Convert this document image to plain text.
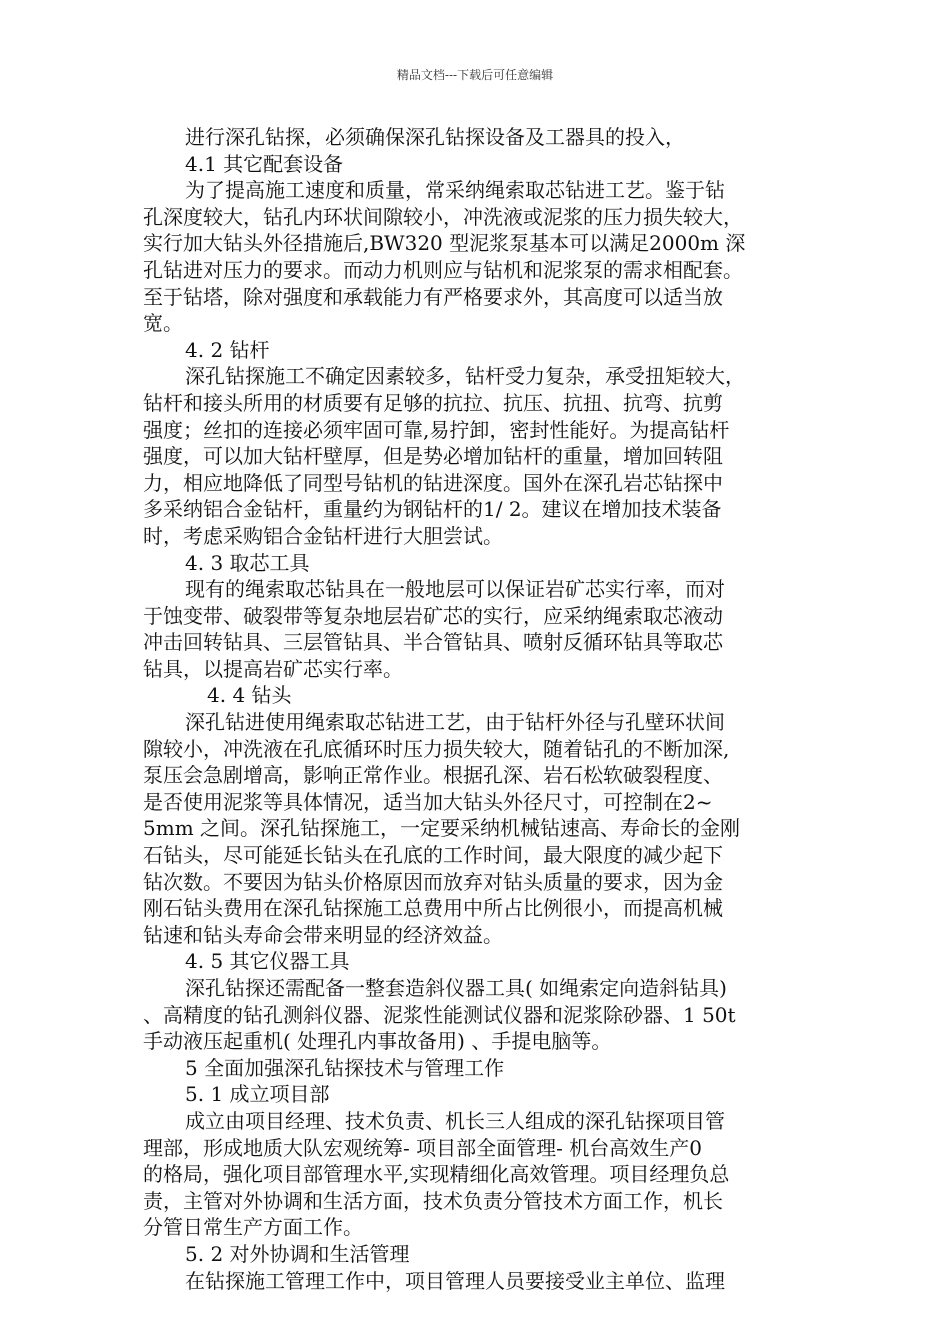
精品文档---下载后可任意编辑
进行深孔钻探，必须确保深孔钻探设备及工器具的投入，
4.1 其它配套设备
为了提高施工速度和质量，常采纳绳索取芯钻进工艺。鉴于钻
孔深度较大，钻孔内环状间隙较小，冲洗液或泥浆的压力损失较大，
实行加大钻头外径措施后,BW320 型泥浆泵基本可以满足2000m 深
孔钻进对压力的要求。而动力机则应与钻机和泥浆泵的需求相配套。
至于钻塔，除对强度和承载能力有严格要求外，其高度可以适当放
宽。
4. 2 钻杆
深孔钻探施工不确定因素较多，钻杆受力复杂，承受扭矩较大，
钻杆和接头所用的材质要有足够的抗拉、抗压、抗扭、抗弯、抗剪
强度；丝扣的连接必须牢固可靠,易拧卸，密封性能好。为提高钻杆
强度，可以加大钻杆壁厚，但是势必增加钻杆的重量，增加回转阻
力，相应地降低了同型号钻机的钻进深度。国外在深孔岩芯钻探中
多采纳铝合金钻杆，重量约为钢钻杆的1/ 2。建议在增加技术装备
时，考虑采购铝合金钻杆进行大胆尝试。
4. 3 取芯工具
现有的绳索取芯钻具在一般地层可以保证岩矿芯实行率，而对
于蚀变带、破裂带等复杂地层岩矿芯的实行，应采纳绳索取芯液动
冲击回转钻具、三层管钻具、半合管钻具、喷射反循环钻具等取芯
钻具，以提高岩矿芯实行率。
4. 4 钻头
深孔钻进使用绳索取芯钻进工艺，由于钻杆外径与孔壁环状间
隙较小，冲洗液在孔底循环时压力损失较大，随着钻孔的不断加深,
泵压会急剧增高，影响正常作业。根据孔深、岩石松软破裂程度、
是否使用泥浆等具体情况，适当加大钻头外径尺寸，可控制在2~
5mm 之间。深孔钻探施工，一定要采纳机械钻速高、寿命长的金刚
石钻头，尽可能延长钻头在孔底的工作时间，最大限度的减少起下
钻次数。不要因为钻头价格原因而放弃对钻头质量的要求，因为金
刚石钻头费用在深孔钻探施工总费用中所占比例很小，而提高机械
钻速和钻头寿命会带来明显的经济效益。
4. 5 其它仪器工具
深孔钻探还需配备一整套造斜仪器工具( 如绳索定向造斜钻具)
、高精度的钻孔测斜仪器、泥浆性能测试仪器和泥浆除砂器、1 50t
手动液压起重机( 处理孔内事故备用) 、手提电脑等。
5 全面加强深孔钻探技术与管理工作
5. 1 成立项目部
成立由项目经理、技术负责、机长三人组成的深孔钻探项目管
理部，形成地质大队宏观统筹- 项目部全面管理- 机台高效生产0
的格局，强化项目部管理水平,实现精细化高效管理。项目经理负总
责，主管对外协调和生活方面，技术负责分管技术方面工作，机长
分管日常生产方面工作。
5. 2 对外协调和生活管理
在钻探施工管理工作中，项目管理人员要接受业主单位、监理
